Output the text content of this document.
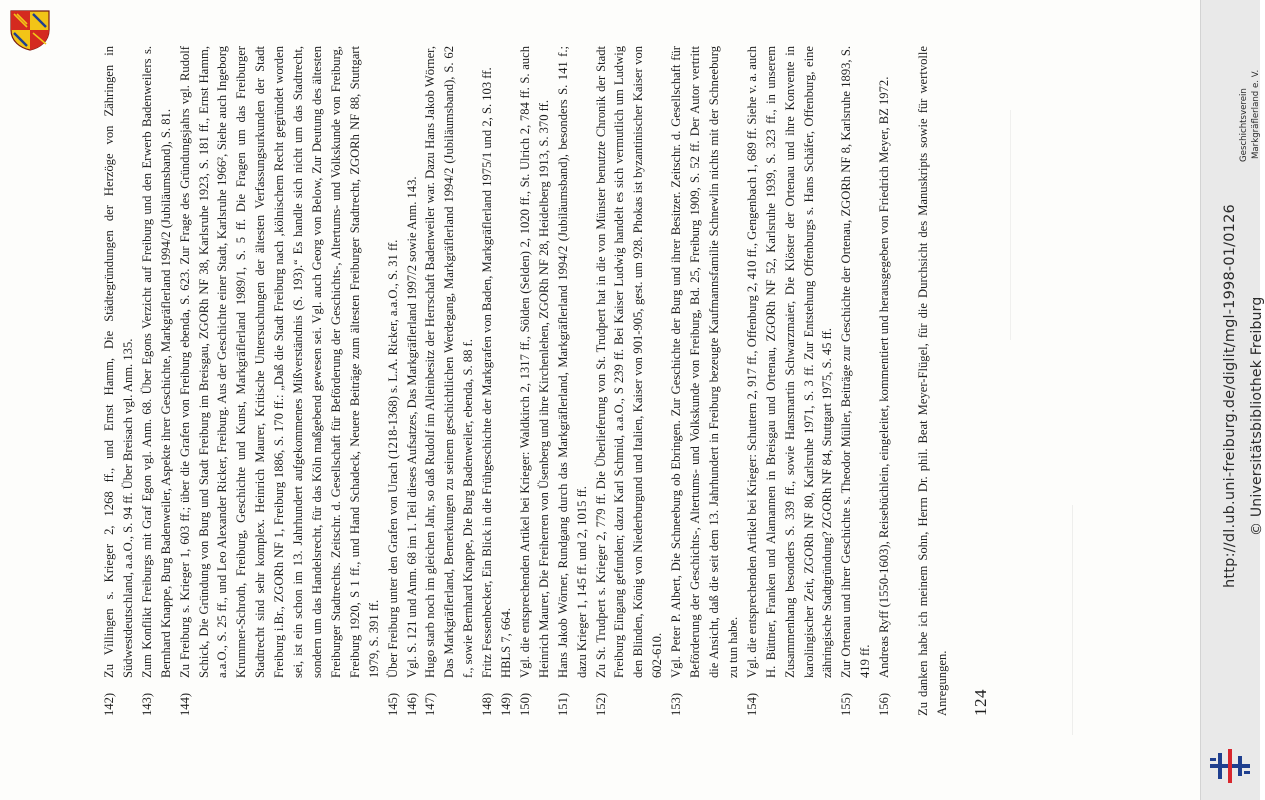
142)
Zu Villingen s. Krieger 2, 1268 ff., und Ernst Hamm, Die Städtegründungen der Herzöge von Zähringen in Südwestdeutschland, a.a.O., S. 94 ff. Über Breisach vgl. Anm. 135.
143)
Zum Konflikt Freiburgs mit Graf Egon vgl. Anm. 68. Über Egons Verzicht auf Freiburg und den Erwerb Badenweilers s. Bernhard Knappe, Burg Badenweiler, Aspekte ihrer Geschichte, Markgräflerland 1994/2 (Jubiläumsband), S. 81.
144)
Zu Freiburg s. Krieger 1, 603 ff.; über die Grafen von Freiburg ebenda, S. 623. Zur Frage des Gründungsjahrs vgl. Rudolf Schick, Die Gründung von Burg und Stadt Freiburg im Breisgau, ZGORh NF 38, Karlsruhe 1923, S. 181 ff., Ernst Hamm, a.a.O., S. 25 ff., und Leo Alexander Ricker, Freiburg. Aus der Geschichte einer Stadt, Karlsruhe 1966², Siehe auch Ingeborg Krummer-Schroth, Freiburg, Geschichte und Kunst, Markgräflerland 1989/1, S. 5 ff. Die Fragen um das Freiburger Stadtrecht sind sehr komplex. Heinrich Maurer, Kritische Untersuchungen der ältesten Verfassungsurkunden der Stadt Freiburg i.Br., ZGORh NF 1, Freiburg 1886, S. 170 ff.: „Daß die Stadt Freiburg nach ‚kölnischem Recht gegründet worden sei, ist ein schon im 13. Jahrhundert aufgekommenes Mißverständnis (S. 193).“ Es handle sich nicht um das Stadtrecht, sondern um das Handelsrecht, für das Köln maßgebend gewesen sei. Vgl. auch Georg von Below, Zur Deutung des ältesten Freiburger Stadtrechts. Zeitschr. d. Gesellschaft für Beförderung der Geschichts-, Altertums- und Volkskunde von Freiburg, Freiburg 1920, S 1 ff., und Hand Schadeck, Neuere Beiträge zum ältesten Freiburger Stadtrecht, ZGORh NF 88, Stuttgart 1979, S. 391 ff.
145)
Über Freiburg unter den Grafen von Urach (1218-1368) s. L.A. Ricker, a.a.O., S. 31 ff.
146)
Vgl. S. 121 und Anm. 68 im 1. Teil dieses Aufsatzes, Das Markgräflerland 1997/2 sowie Anm. 143.
147)
Hugo starb noch im gleichen Jahr, so daß Rudolf im Alleinbesitz der Herrschaft Badenweiler war. Dazu Hans Jakob Wörner, Das Markgräflerland, Bemerkungen zu seinem geschichtlichen Werdegang, Markgräflerland 1994/2 (Jubiläumsband), S. 62 f., sowie Bernhard Knappe, Die Burg Badenweiler, ebenda, S. 88 f.
148)
Fritz Fessenbecker, Ein Blick in die Frühgeschichte der Markgrafen von Baden, Markgräflerland 1975/1 und 2, S. 103 ff.
149)
HBLS 7, 664.
150)
Vgl. die entsprechenden Artikel bei Krieger: Waldkirch 2, 1317 ff., Sölden (Selden) 2, 1020 ff., St. Ulrich 2, 784 ff. S. auch Heinrich Maurer, Die Freiherren von Üsenberg und ihre Kirchenlehen, ZGORh NF 28, Heidelberg 1913, S. 370 ff.
151)
Hans Jakob Wörner, Rundgang durch das Markgräflerland, Markgräflerland 1994/2 (Jubiläumsband), besonders S. 141 f.; dazu Krieger 1, 145 ff. und 2, 1015 ff.
152)
Zu St. Trudpert s. Krieger 2, 779 ff. Die Überlieferung von St. Trudpert hat in die von Münster benutzte Chronik der Stadt Freiburg Eingang gefunden; dazu Karl Schmid, a.a.O., S 239 ff. Bei Kaiser Ludwig handelt es sich vermutlich um Ludwig den Blinden, König von Niederburgund und Italien, Kaiser von 901-905, gest. um 928. Phokas ist byzantinischer Kaiser von 602-610.
153)
Vgl. Peter P. Albert, Die Schneeburg ob Ebringen. Zur Geschichte der Burg und ihrer Besitzer. Zeitschr. d. Gesellschaft für Beförderung der Geschichts-, Altertums- und Volkskunde von Freiburg, Bd. 25, Freiburg 1909, S. 52 ff. Der Autor vertritt die Ansicht, daß die seit dem 13. Jahrhundert in Freiburg bezeugte Kaufmannsfamilie Schnewlin nichts mit der Schneeburg zu tun habe.
154)
Vgl. die entsprechenden Artikel bei Krieger: Schuttern 2, 917 ff., Offenburg 2, 410 ff., Gengenbach 1, 689 ff. Siehe v. a. auch H. Büttner, Franken und Alamannen in Breisgau und Ortenau, ZGORh NF 52, Karlsruhe 1939, S. 323 ff., in unserem Zusammenhang besonders S. 339 ff., sowie Hansmartin Schwarzmaier, Die Klöster der Ortenau und ihre Konvente in karolingischer Zeit, ZGORh NF 80, Karlsruhe 1971, S. 3 ff. Zur Entstehung Offenburgs s. Hans Schäfer, Offenburg, eine zähringische Stadtgründung? ZGORh NF 84, Stuttgart 1975, S. 45 ff.
155)
Zur Ortenau und ihrer Geschichte s. Theodor Müller, Beiträge zur Geschichte der Ortenau, ZGORh NF 8, Karlsruhe 1893, S. 419 ff.
156)
Andreas Ryff (1550-1603), Reisebüchlein, eingeleitet, kommentiert und herausgegeben von Friedrich Meyer, BZ 1972. Zu danken habe ich meinem Sohn, Herrn Dr. phil. Beat Meyer-Flügel, für die Durchsicht des Manuskripts sowie für wertvolle Anregungen. 124
Geschichtsverein Markgräflerland e. V.
http://dl.ub.uni-freiburg.de/diglit/mgl-1998-01/0126 © Universitätsbibliothek Freiburg
